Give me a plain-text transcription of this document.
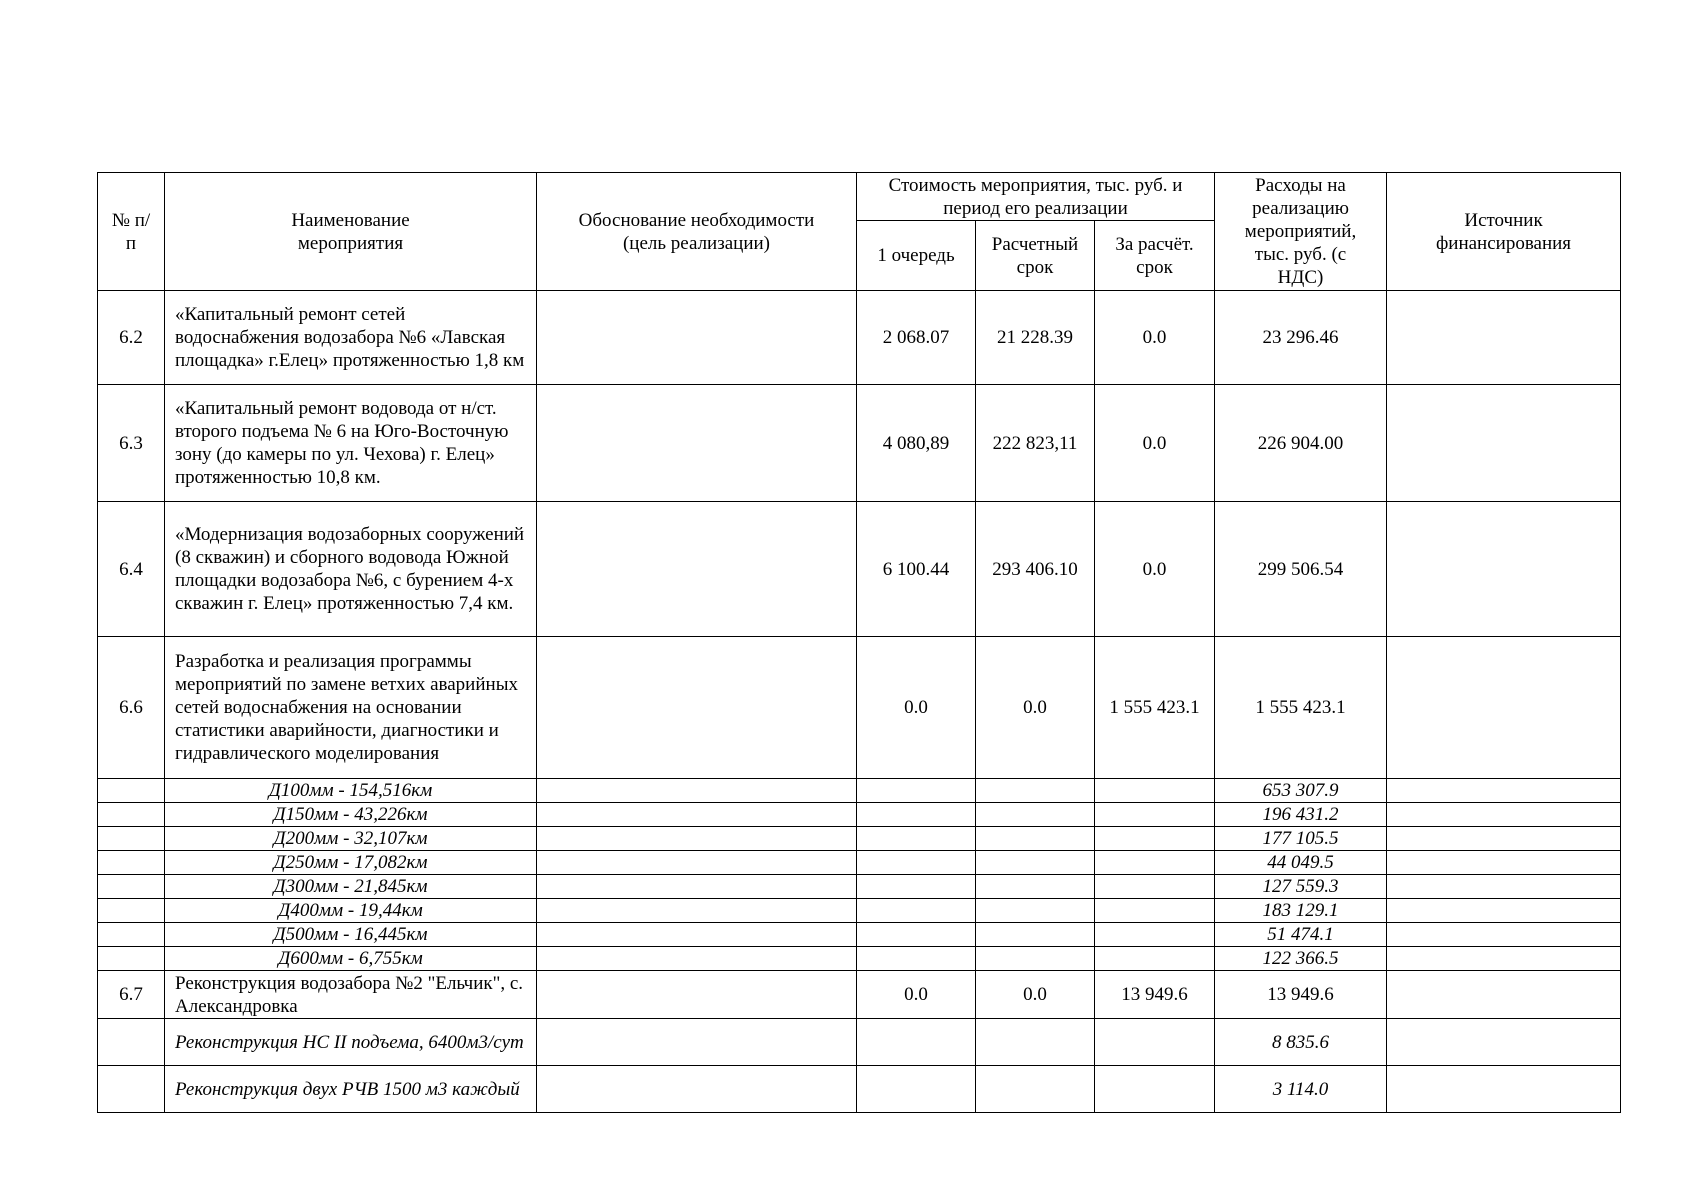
№ п/п	Наименование мероприятия	Обоснование необходимости (цель реализации)	Стоимость мероприятия, тыс. руб. и период его реализации			Расходы на реализацию мероприятий, тыс. руб. (с НДС)	Источник финансирования
			1 очередь	Расчетный срок	За расчёт. срок		
6.2	«Капитальный ремонт сетей водоснабжения водозабора №6 «Лавская площадка» г.Елец» протяженностью 1,8 км		2 068.07	21 228.39	0.0	23 296.46	
6.3	«Капитальный ремонт водовода от н/ст. второго подъема № 6 на Юго-Восточную зону (до камеры по ул. Чехова) г. Елец» протяженностью 10,8 км.		4 080,89	222 823,11	0.0	226 904.00	
6.4	«Модернизация водозаборных сооружений (8 скважин) и сборного водовода Южной площадки водозабора №6, с бурением 4-х скважин г. Елец» протяженностью 7,4 км.		6 100.44	293 406.10	0.0	299 506.54	
6.6	Разработка и реализация программы мероприятий по замене ветхих аварийных сетей водоснабжения на основании статистики аварийности, диагностики и гидравлического моделирования		0.0	0.0	1 555 423.1	1 555 423.1	
	Д100мм - 154,516км					653 307.9	
	Д150мм - 43,226км					196 431.2	
	Д200мм - 32,107км					177 105.5	
	Д250мм - 17,082км					44 049.5	
	Д300мм - 21,845км					127 559.3	
	Д400мм - 19,44км					183 129.1	
	Д500мм - 16,445км					51 474.1	
	Д600мм - 6,755км					122 366.5	
6.7	Реконструкция водозабора №2 "Ельчик", с. Александровка		0.0	0.0	13 949.6	13 949.6	
	Реконструкция НС II подъема, 6400м3/сут					8 835.6	
	Реконструкция двух РЧВ 1500 м3 каждый					3 114.0	
